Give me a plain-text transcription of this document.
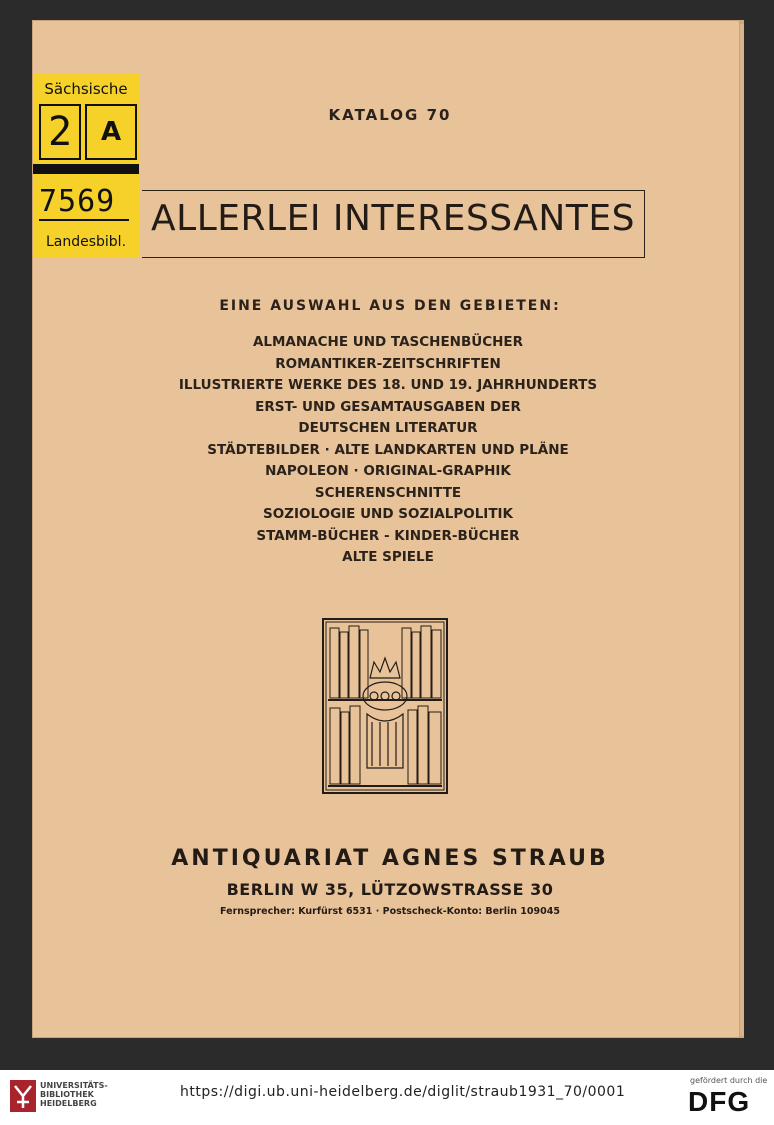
Sächsische
2	A
7569
Landesbibl.
KATALOG 70
ALLERLEI INTERESSANTES
EINE AUSWAHL AUS DEN GEBIETEN:
ALMANACHE UND TASCHENBÜCHER
ROMANTIKER-ZEITSCHRIFTEN
ILLUSTRIERTE WERKE DES 18. UND 19. JAHRHUNDERTS
ERST- UND GESAMTAUSGABEN DER
DEUTSCHEN LITERATUR
STÄDTEBILDER · ALTE LANDKARTEN UND PLÄNE
NAPOLEON · ORIGINAL-GRAPHIK
SCHERENSCHNITTE
SOZIOLOGIE UND SOZIALPOLITIK
STAMM-BÜCHER - KINDER-BÜCHER
ALTE SPIELE
ANTIQUARIAT AGNES STRAUB
BERLIN W 35, LÜTZOWSTRASSE 30
Fernsprecher: Kurfürst 6531 · Postscheck-Konto: Berlin 109045
UNIVERSITÄTS-
BIBLIOTHEK
HEIDELBERG
https://digi.ub.uni-heidelberg.de/diglit/straub1931_70/0001
gefördert durch die
DFG
